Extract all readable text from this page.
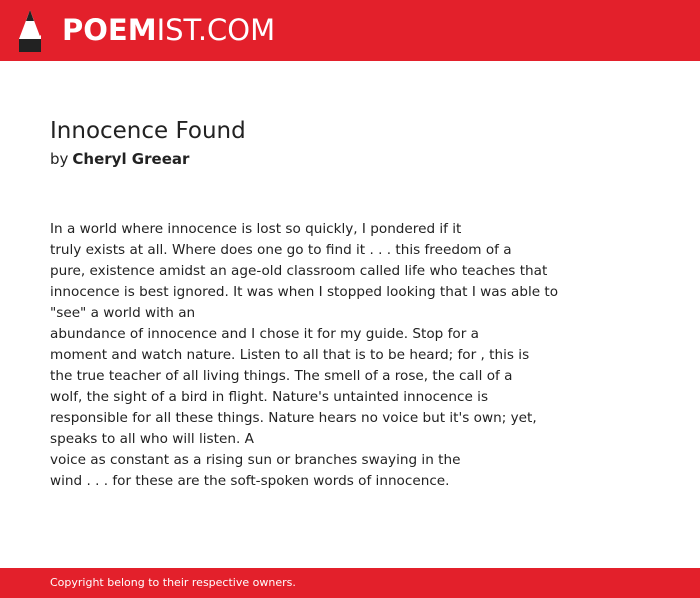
POEMIST.COM
Innocence Found
by Cheryl Greear
In a world where innocence is lost so quickly, I pondered if it
truly exists at all. Where does one go to find it . . . this freedom of a
pure, existence amidst an age-old classroom called life who teaches that
innocence is best ignored. It was when I stopped looking that I was able to
"see" a world with an
abundance of innocence and I chose it for my guide. Stop for a
moment and watch nature. Listen to all that is to be heard; for , this is
the true teacher of all living things. The smell of a rose, the call of a
wolf, the sight of a bird in flight. Nature's untainted innocence is
responsible for all these things. Nature hears no voice but it's own; yet,
speaks to all who will listen. A
voice as constant as a rising sun or branches swaying in the
wind . . . for these are the soft-spoken words of innocence.
Copyright belong to their respective owners.
